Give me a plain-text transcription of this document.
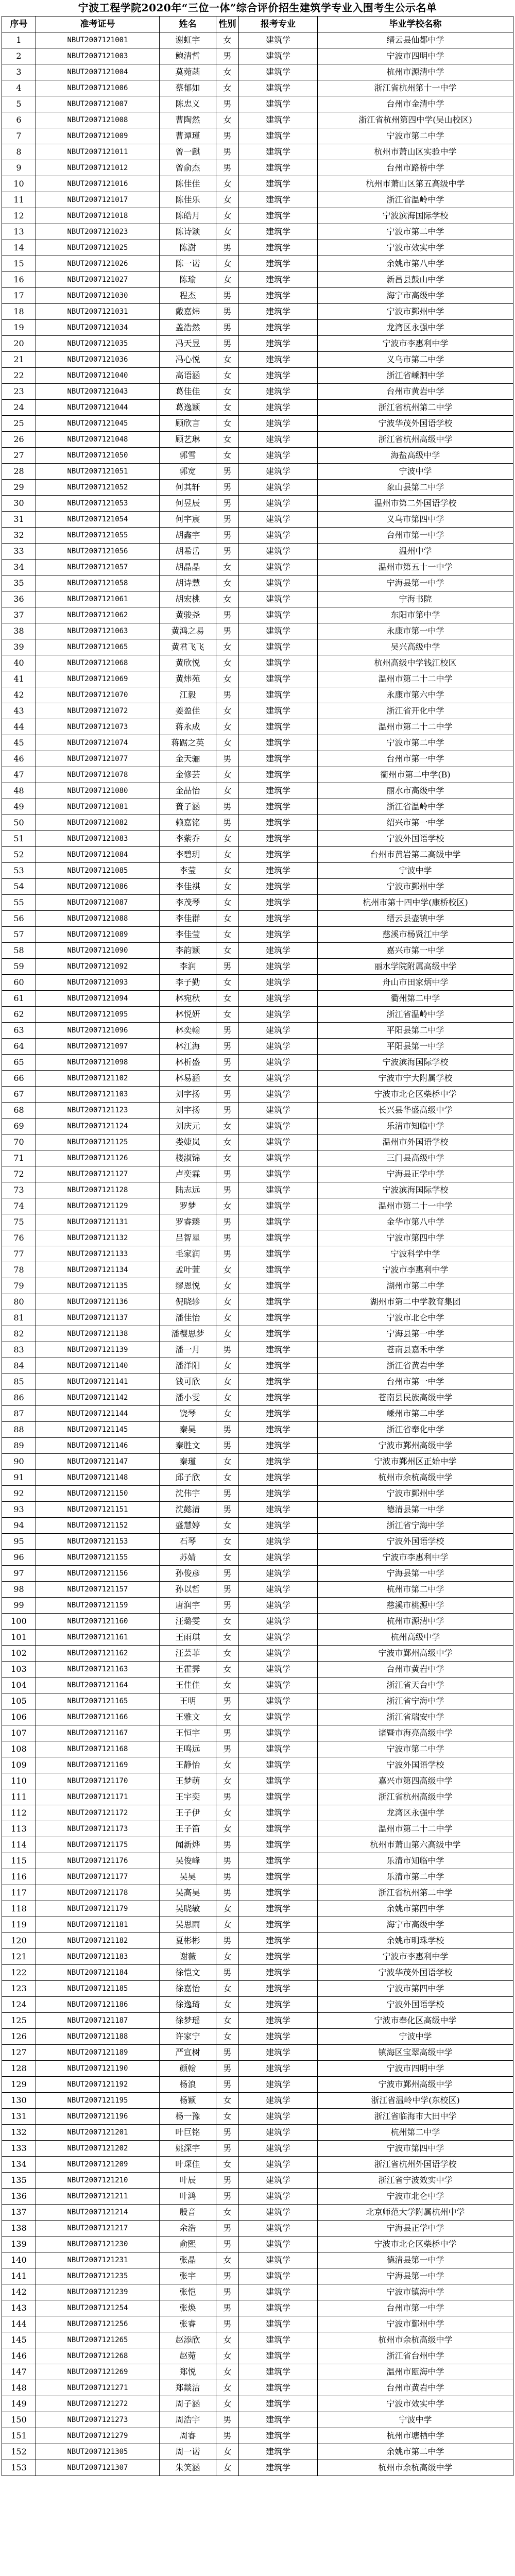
宁波工程学院2020年“三位一体”综合评价招生建筑学专业入围考生公示名单
序号	准考证号	姓名	性别	报考专业	毕业学校名称
1	NBUT2007121001	谢虹宇	女	建筑学	缙云县仙都中学
2	NBUT2007121003	鲍清哲	男	建筑学	宁波市四明中学
3	NBUT2007121004	莫菀菡	女	建筑学	杭州市源清中学
4	NBUT2007121006	蔡郁如	女	建筑学	浙江省杭州第十一中学
5	NBUT2007121007	陈忠义	男	建筑学	台州市金清中学
6	NBUT2007121008	曹陶然	女	建筑学	浙江省杭州第四中学(吴山校区)
7	NBUT2007121009	曹谭瑾	男	建筑学	宁波市第二中学
8	NBUT2007121011	曾一麒	男	建筑学	杭州市萧山区实验中学
9	NBUT2007121012	曾俞杰	男	建筑学	台州市路桥中学
10	NBUT2007121016	陈佳佳	女	建筑学	杭州市萧山区第五高级中学
11	NBUT2007121017	陈佳乐	女	建筑学	浙江省温岭中学
12	NBUT2007121018	陈皓月	女	建筑学	宁波滨海国际学校
13	NBUT2007121023	陈诗颖	女	建筑学	宁波市第二中学
14	NBUT2007121025	陈澍	男	建筑学	宁波市效实中学
15	NBUT2007121026	陈一诺	女	建筑学	余姚市第八中学
16	NBUT2007121027	陈瑜	女	建筑学	新昌县鼓山中学
17	NBUT2007121030	程杰	男	建筑学	海宁市高级中学
18	NBUT2007121031	戴嘉炜	男	建筑学	宁波市鄞州中学
19	NBUT2007121034	盖浩然	男	建筑学	龙湾区永强中学
20	NBUT2007121035	冯天昱	男	建筑学	宁波市李惠利中学
21	NBUT2007121036	冯心悦	女	建筑学	义乌市第二中学
22	NBUT2007121040	高语涵	女	建筑学	浙江省嵊泗中学
23	NBUT2007121043	葛佳佳	女	建筑学	台州市黄岩中学
24	NBUT2007121044	葛逸颖	女	建筑学	浙江省杭州第二中学
25	NBUT2007121045	顾欣言	女	建筑学	宁波华茂外国语学校
26	NBUT2007121048	顾艺琳	女	建筑学	浙江省杭州高级中学
27	NBUT2007121050	郭雪	女	建筑学	海盐高级中学
28	NBUT2007121051	郭宽	男	建筑学	宁波中学
29	NBUT2007121052	何其轩	男	建筑学	象山县第二中学
30	NBUT2007121053	何昱辰	男	建筑学	温州市第二外国语学校
31	NBUT2007121054	何宇宸	男	建筑学	义乌市第四中学
32	NBUT2007121055	胡鑫宇	男	建筑学	台州市第一中学
33	NBUT2007121056	胡希岳	男	建筑学	温州中学
34	NBUT2007121057	胡晶晶	女	建筑学	温州市第五十一中学
35	NBUT2007121058	胡诗慧	女	建筑学	宁海县第一中学
36	NBUT2007121061	胡宏桃	女	建筑学	宁海书院
37	NBUT2007121062	黄骏尧	男	建筑学	东阳市第中学
38	NBUT2007121063	黄鸿之易	男	建筑学	永康市第一中学
39	NBUT2007121065	黄君飞飞	女	建筑学	吴兴高级中学
40	NBUT2007121068	黄欣悦	女	建筑学	杭州高级中学钱江校区
41	NBUT2007121069	黄炜苑	女	建筑学	温州市第二十二中学
42	NBUT2007121070	江毅	男	建筑学	永康市第六中学
43	NBUT2007121072	姜盈佳	女	建筑学	浙江省开化中学
44	NBUT2007121073	蒋永成	女	建筑学	温州市第二十二中学
45	NBUT2007121074	蒋踞之英	女	建筑学	宁波市第二中学
46	NBUT2007121077	金天骊	男	建筑学	台州市第一中学
47	NBUT2007121078	金修芸	女	建筑学	衢州市第二中学(B)
48	NBUT2007121080	金品怡	女	建筑学	丽水市高级中学
49	NBUT2007121081	蕢子涵	男	建筑学	浙江省温岭中学
50	NBUT2007121082	赖嘉铭	男	建筑学	绍兴市第一中学
51	NBUT2007121083	李紫乔	女	建筑学	宁波外国语学校
52	NBUT2007121084	李碧玥	女	建筑学	台州市黄岩第二高级中学
53	NBUT2007121085	李莹	女	建筑学	宁波中学
54	NBUT2007121086	李佳祺	女	建筑学	宁波市鄞州中学
55	NBUT2007121087	李茂琴	女	建筑学	杭州市第十四中学(康桥校区)
56	NBUT2007121088	李佳群	女	建筑学	缙云县壶镇中学
57	NBUT2007121089	李佳莹	女	建筑学	慈溪市杨贤江中学
58	NBUT2007121090	李韵颖	女	建筑学	嘉兴市第一中学
59	NBUT2007121092	李润	男	建筑学	丽水学院附属高级中学
60	NBUT2007121093	李子勤	女	建筑学	舟山市田家炳中学
61	NBUT2007121094	林宛秋	女	建筑学	衢州第二中学
62	NBUT2007121095	林悦妍	女	建筑学	浙江省温岭中学
63	NBUT2007121096	林奕翰	男	建筑学	平阳县第二中学
64	NBUT2007121097	林江海	男	建筑学	平阳县第一中学
65	NBUT2007121098	林析盛	男	建筑学	宁波滨海国际学校
66	NBUT2007121102	林易涵	女	建筑学	宁波市宁大附属学校
67	NBUT2007121103	刘字扬	男	建筑学	宁波市北仑区柴桥中学
68	NBUT2007121123	刘宇扬	男	建筑学	长兴县华盛高级中学
69	NBUT2007121124	刘庆元	女	建筑学	乐清市知临中学
70	NBUT2007121125	娄婕岚	女	建筑学	温州市外国语学校
71	NBUT2007121126	楼淑锦	女	建筑学	三门县高级中学
72	NBUT2007121127	卢奕霖	男	建筑学	宁海县正学中学
73	NBUT2007121128	陆志远	男	建筑学	宁波滨海国际学校
74	NBUT2007121129	罗梦	女	建筑学	温州市第二十一中学
75	NBUT2007121131	罗睿臻	男	建筑学	金华市第八中学
76	NBUT2007121132	吕智星	男	建筑学	宁波市第四中学
77	NBUT2007121133	毛家润	男	建筑学	宁波科学中学
78	NBUT2007121134	孟叶萱	女	建筑学	宁波市李惠利中学
79	NBUT2007121135	缪恩悦	女	建筑学	湖州市第二中学
80	NBUT2007121136	倪晓轸	女	建筑学	湖州市第二中学教育集团
81	NBUT2007121137	潘佳怡	女	建筑学	宁波市北仑中学
82	NBUT2007121138	潘樱思梦	女	建筑学	宁海县第一中学
83	NBUT2007121139	潘一月	男	建筑学	苍南县嘉禾中学
84	NBUT2007121140	潘洋阳	女	建筑学	浙江省黄岩中学
85	NBUT2007121141	钱可欣	女	建筑学	台州市第一中学
86	NBUT2007121142	潘小雯	女	建筑学	苍南县民族高级中学
87	NBUT2007121144	饶琴	女	建筑学	嵊州市第二中学
88	NBUT2007121145	秦昊	男	建筑学	浙江省奉化中学
89	NBUT2007121146	秦胜文	男	建筑学	宁波市鄞州高级中学
90	NBUT2007121147	秦瑾	女	建筑学	宁波市鄞州区正始中学
91	NBUT2007121148	邱子欣	女	建筑学	杭州市余杭高级中学
92	NBUT2007121150	沈伟宇	男	建筑学	宁波市鄞州中学
93	NBUT2007121151	沈懿清	男	建筑学	德清县第一中学
94	NBUT2007121152	盛慧婷	女	建筑学	浙江省宁海中学
95	NBUT2007121153	石琴	女	建筑学	宁波外国语学校
96	NBUT2007121155	苏婧	女	建筑学	宁波市李惠利中学
97	NBUT2007121156	孙俊彦	男	建筑学	宁海县第一中学
98	NBUT2007121157	孙以哲	男	建筑学	杭州市第二中学
99	NBUT2007121159	唐润宇	男	建筑学	慈溪市桃源中学
100	NBUT2007121160	汪璐雯	女	建筑学	杭州市源清中学
101	NBUT2007121161	王雨琪	女	建筑学	杭州高级中学
102	NBUT2007121162	汪芸菲	女	建筑学	宁波市鄞州高级中学
103	NBUT2007121163	王霍霁	女	建筑学	台州市黄岩中学
104	NBUT2007121164	王佳佳	女	建筑学	浙江省天台中学
105	NBUT2007121165	王明	男	建筑学	浙江省宁海中学
106	NBUT2007121166	王雅文	女	建筑学	浙江省瑞安中学
107	NBUT2007121167	王恒宇	男	建筑学	诸暨市海亮高级中学
108	NBUT2007121168	王鸣远	男	建筑学	宁波市第二中学
109	NBUT2007121169	王静怡	女	建筑学	宁波外国语学校
110	NBUT2007121170	王梦萌	女	建筑学	嘉兴市第四高级中学
111	NBUT2007121171	王宇奕	男	建筑学	浙江省杭州高级中学
112	NBUT2007121172	王子伊	女	建筑学	龙湾区永强中学
113	NBUT2007121173	王子笛	女	建筑学	温州市第二十二中学
114	NBUT2007121175	闻新烨	男	建筑学	杭州市萧山第六高级中学
115	NBUT2007121176	吴俊峰	男	建筑学	乐清市知临中学
116	NBUT2007121177	吴昊	男	建筑学	乐清市第二中学
117	NBUT2007121178	吴高昊	男	建筑学	浙江省杭州第二中学
118	NBUT2007121179	吴晓敏	女	建筑学	余姚市第四中学
119	NBUT2007121181	吴思雨	女	建筑学	海宁市高级中学
120	NBUT2007121182	夏彬彬	男	建筑学	余姚市明珠学校
121	NBUT2007121183	谢薇	女	建筑学	宁波市李惠利中学
122	NBUT2007121184	徐恺文	男	建筑学	宁波华茂外国语学校
123	NBUT2007121185	徐嘉怡	女	建筑学	宁波市第四中学
124	NBUT2007121186	徐逸琦	女	建筑学	宁波外国语学校
125	NBUT2007121187	徐梦瑶	女	建筑学	宁波市奉化区高级中学
126	NBUT2007121188	许家宁	女	建筑学	宁波中学
127	NBUT2007121189	严宣树	男	建筑学	镇海区宝翠高级中学
128	NBUT2007121190	颜翰	男	建筑学	宁波市四明中学
129	NBUT2007121192	杨浪	男	建筑学	宁波市鄞州高级中学
130	NBUT2007121195	杨颖	女	建筑学	浙江省温岭中学(东校区)
131	NBUT2007121196	杨一豫	女	建筑学	浙江省临海市大田中学
132	NBUT2007121201	叶巨铭	男	建筑学	杭州第二中学
133	NBUT2007121202	姚深宇	男	建筑学	宁波市第四中学
134	NBUT2007121209	叶琛佳	女	建筑学	浙江省杭州外国语学校
135	NBUT2007121210	叶辰	男	建筑学	浙江省宁波效实中学
136	NBUT2007121211	叶鸿	男	建筑学	宁波市北仑中学
137	NBUT2007121214	殷音	女	建筑学	北京师范大学附属杭州中学
138	NBUT2007121217	余浩	男	建筑学	宁海县正学中学
139	NBUT2007121230	俞熙	男	建筑学	宁波市北仑区柴桥中学
140	NBUT2007121231	张晶	女	建筑学	德清县第一中学
141	NBUT2007121235	张宇	男	建筑学	宁海县第一中学
142	NBUT2007121239	张恺	男	建筑学	宁波市镇海中学
143	NBUT2007121254	张焕	男	建筑学	台州市第一中学
144	NBUT2007121256	张睿	男	建筑学	宁波市鄞州中学
145	NBUT2007121265	赵添欣	女	建筑学	杭州市余杭高级中学
146	NBUT2007121268	赵菀	女	建筑学	浙江省台州中学
147	NBUT2007121269	郑悦	女	建筑学	温州市瓯海中学
148	NBUT2007121271	郑燚洁	女	建筑学	台州市黄岩中学
149	NBUT2007121272	周子涵	女	建筑学	宁波市效实中学
150	NBUT2007121273	周浩宇	男	建筑学	宁波中学
151	NBUT2007121279	周睿	男	建筑学	杭州市塘栖中学
152	NBUT2007121305	周一诺	女	建筑学	余姚市第二中学
153	NBUT2007121307	朱笑涵	女	建筑学	杭州市余杭高级中学
